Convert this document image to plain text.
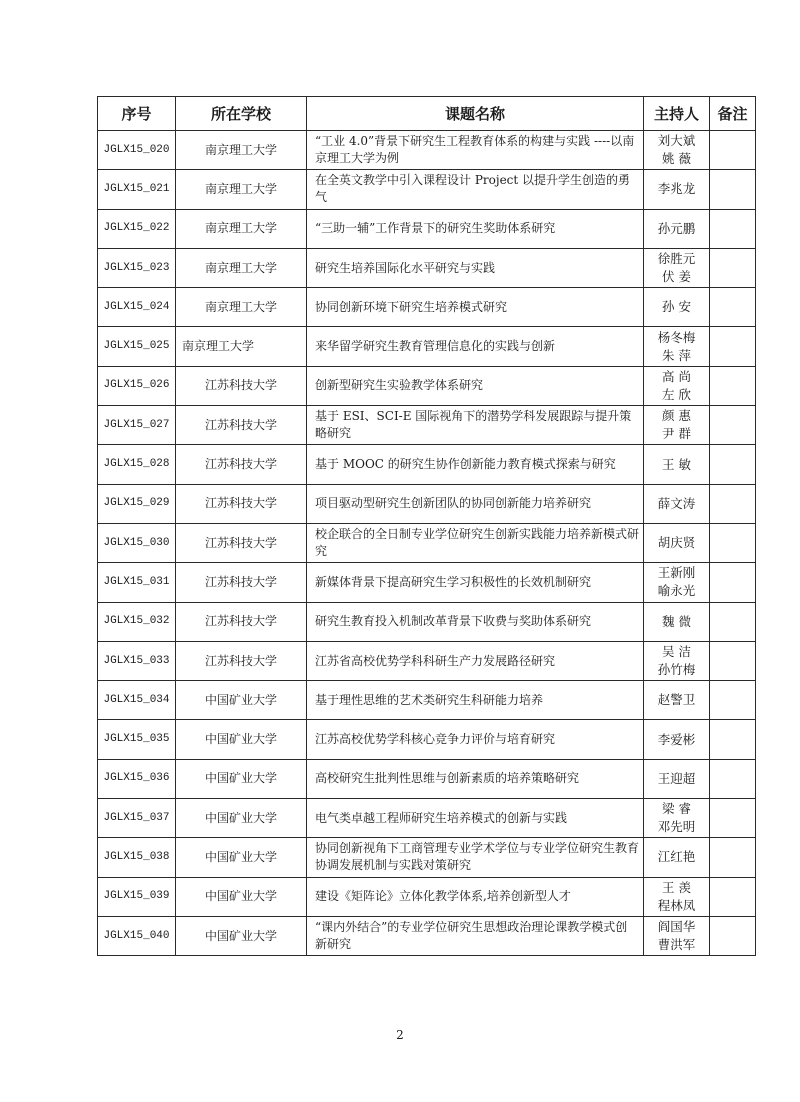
序号	所在学校	课题名称	主持人	备注
JGLX15_020	南京理工大学	“工业 4.0”背景下研究生工程教育体系的构建与实践 ----以南京理工大学为例	刘大斌
姚 薇	

JGLX15_021	南京理工大学	在全英文教学中引入课程设计 Project 以提升学生创造的勇气	李兆龙	

JGLX15_022	南京理工大学	“三助一辅”工作背景下的研究生奖助体系研究	孙元鹏	

JGLX15_023	南京理工大学	研究生培养国际化水平研究与实践	徐胜元
伏 姜	

JGLX15_024	南京理工大学	协同创新环境下研究生培养模式研究	孙 安	

JGLX15_025	南京理工大学	来华留学研究生教育管理信息化的实践与创新	杨冬梅
朱 萍	

JGLX15_026	江苏科技大学	创新型研究生实验教学体系研究	高 尚
左 欣	

JGLX15_027	江苏科技大学	基于 ESI、SCI-E 国际视角下的潜势学科发展跟踪与提升策略研究	颜 惠
尹 群	

JGLX15_028	江苏科技大学	基于 MOOC 的研究生协作创新能力教育模式探索与研究	王 敏	

JGLX15_029	江苏科技大学	项目驱动型研究生创新团队的协同创新能力培养研究	薛文涛	

JGLX15_030	江苏科技大学	校企联合的全日制专业学位研究生创新实践能力培养新模式研究	胡庆贤	

JGLX15_031	江苏科技大学	新媒体背景下提高研究生学习积极性的长效机制研究	王新刚
喻永光	

JGLX15_032	江苏科技大学	研究生教育投入机制改革背景下收费与奖助体系研究	魏 微	

JGLX15_033	江苏科技大学	江苏省高校优势学科科研生产力发展路径研究	吴 洁
孙竹梅	

JGLX15_034	中国矿业大学	基于理性思维的艺术类研究生科研能力培养	赵警卫	

JGLX15_035	中国矿业大学	江苏高校优势学科核心竞争力评价与培育研究	李爱彬	

JGLX15_036	中国矿业大学	高校研究生批判性思维与创新素质的培养策略研究	王迎超	

JGLX15_037	中国矿业大学	电气类卓越工程师研究生培养模式的创新与实践	梁 睿
邓先明	

JGLX15_038	中国矿业大学	协同创新视角下工商管理专业学术学位与专业学位研究生教育协调发展机制与实践对策研究	江红艳	

JGLX15_039	中国矿业大学	建设《矩阵论》立体化教学体系,培养创新型人才	王 羡
程林凤	

JGLX15_040	中国矿业大学	“课内外结合”的专业学位研究生思想政治理论课教学模式创新研究	阎国华
曹洪军	

2
